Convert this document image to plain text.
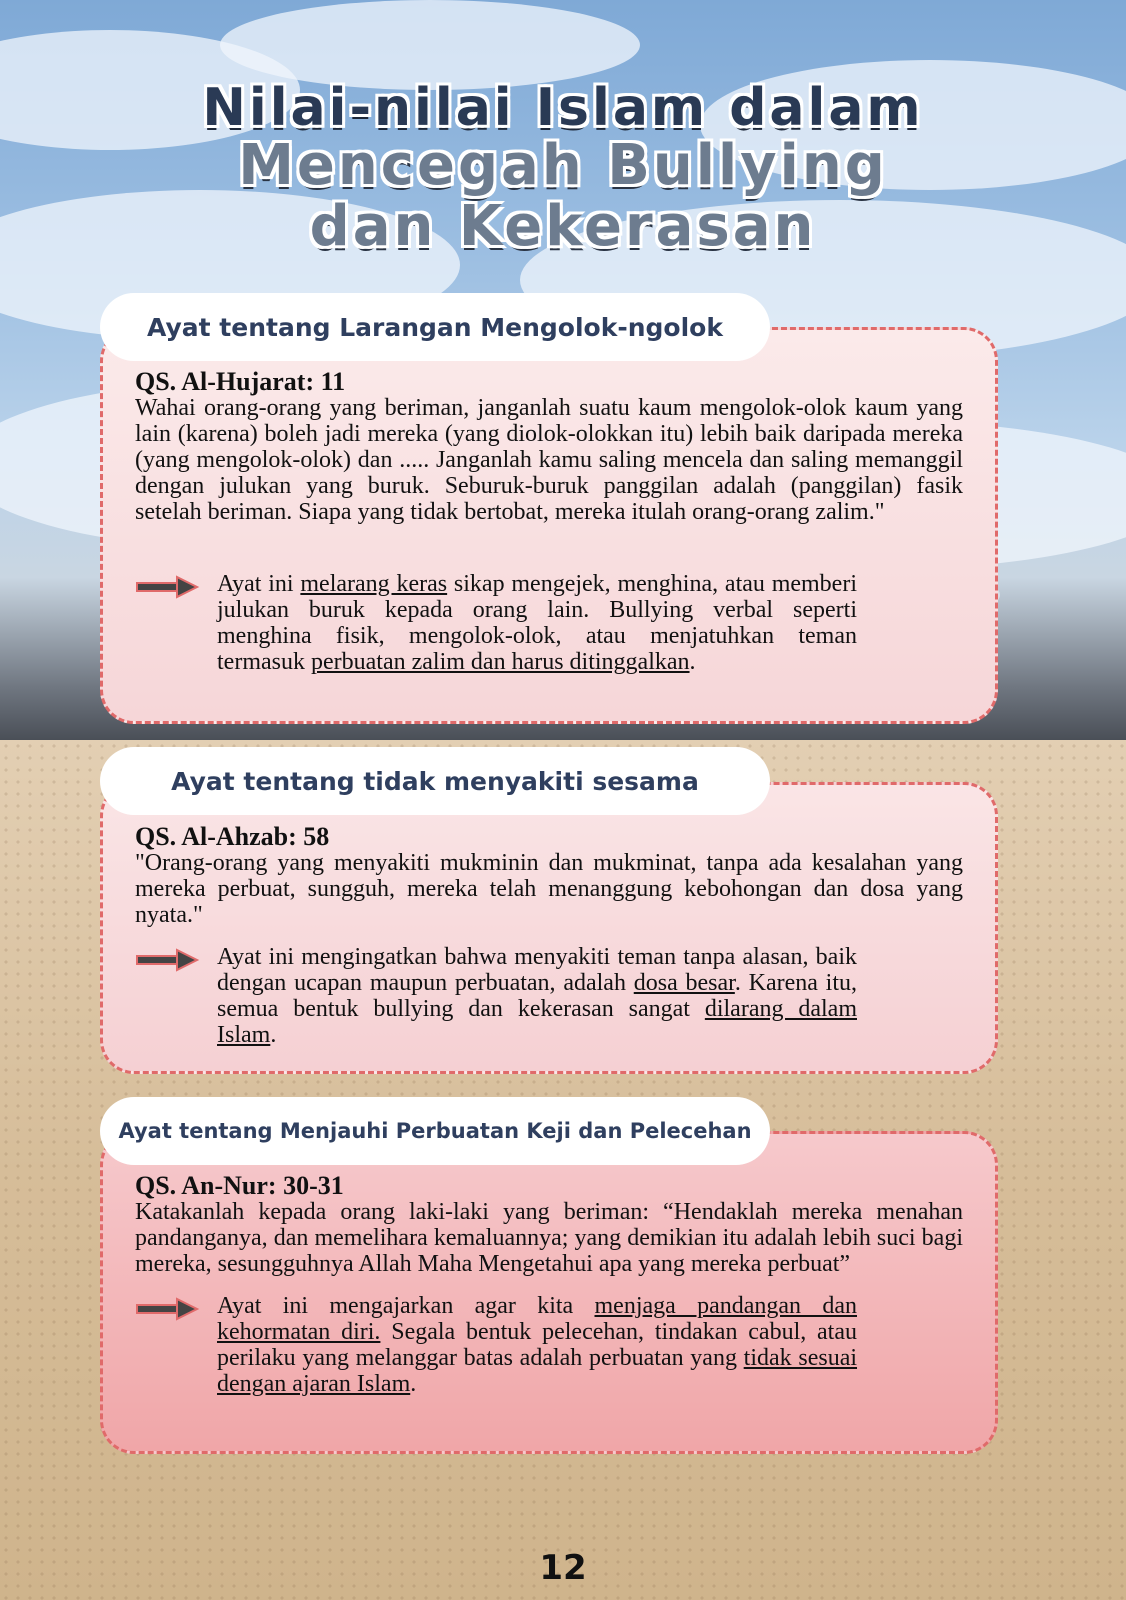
Nilai-nilai Islam dalam

Mencegah Bullying

dan Kekerasan

QS. Al-Hujarat: 11

Wahai orang-orang yang beriman, janganlah suatu kaum mengolok-olok kaum yang lain (karena) boleh jadi mereka (yang diolok-olokkan itu) lebih baik daripada mereka (yang mengolok-olok) dan ..... Janganlah kamu saling mencela dan saling memanggil dengan julukan yang buruk. Seburuk-buruk panggilan adalah (panggilan) fasik setelah beriman. Siapa yang tidak bertobat, mereka itulah orang-orang zalim."

Ayat ini melarang keras sikap mengejek, menghina, atau memberi julukan buruk kepada orang lain. Bullying verbal seperti menghina fisik, mengolok-olok, atau menjatuhkan teman termasuk perbuatan zalim dan harus ditinggalkan.

Ayat tentang Larangan Mengolok-ngolok

QS. Al-Ahzab: 58

"Orang-orang yang menyakiti mukminin dan mukminat, tanpa ada kesalahan yang mereka perbuat, sungguh, mereka telah menanggung kebohongan dan dosa yang nyata."

Ayat ini mengingatkan bahwa menyakiti teman tanpa alasan, baik dengan ucapan maupun perbuatan, adalah dosa besar. Karena itu, semua bentuk bullying dan kekerasan sangat dilarang dalam Islam.

Ayat tentang tidak menyakiti sesama

QS. An-Nur: 30-31

Katakanlah kepada orang laki-laki yang beriman: “Hendaklah mereka menahan pandanganya, dan memelihara kemaluannya; yang demikian itu adalah lebih suci bagi mereka, sesungguhnya Allah Maha Mengetahui apa yang mereka perbuat”

Ayat ini mengajarkan agar kita menjaga pandangan dan kehormatan diri. Segala bentuk pelecehan, tindakan cabul, atau perilaku yang melanggar batas adalah perbuatan yang tidak sesuai dengan ajaran Islam.

Ayat tentang Menjauhi Perbuatan Keji dan Pelecehan
12
